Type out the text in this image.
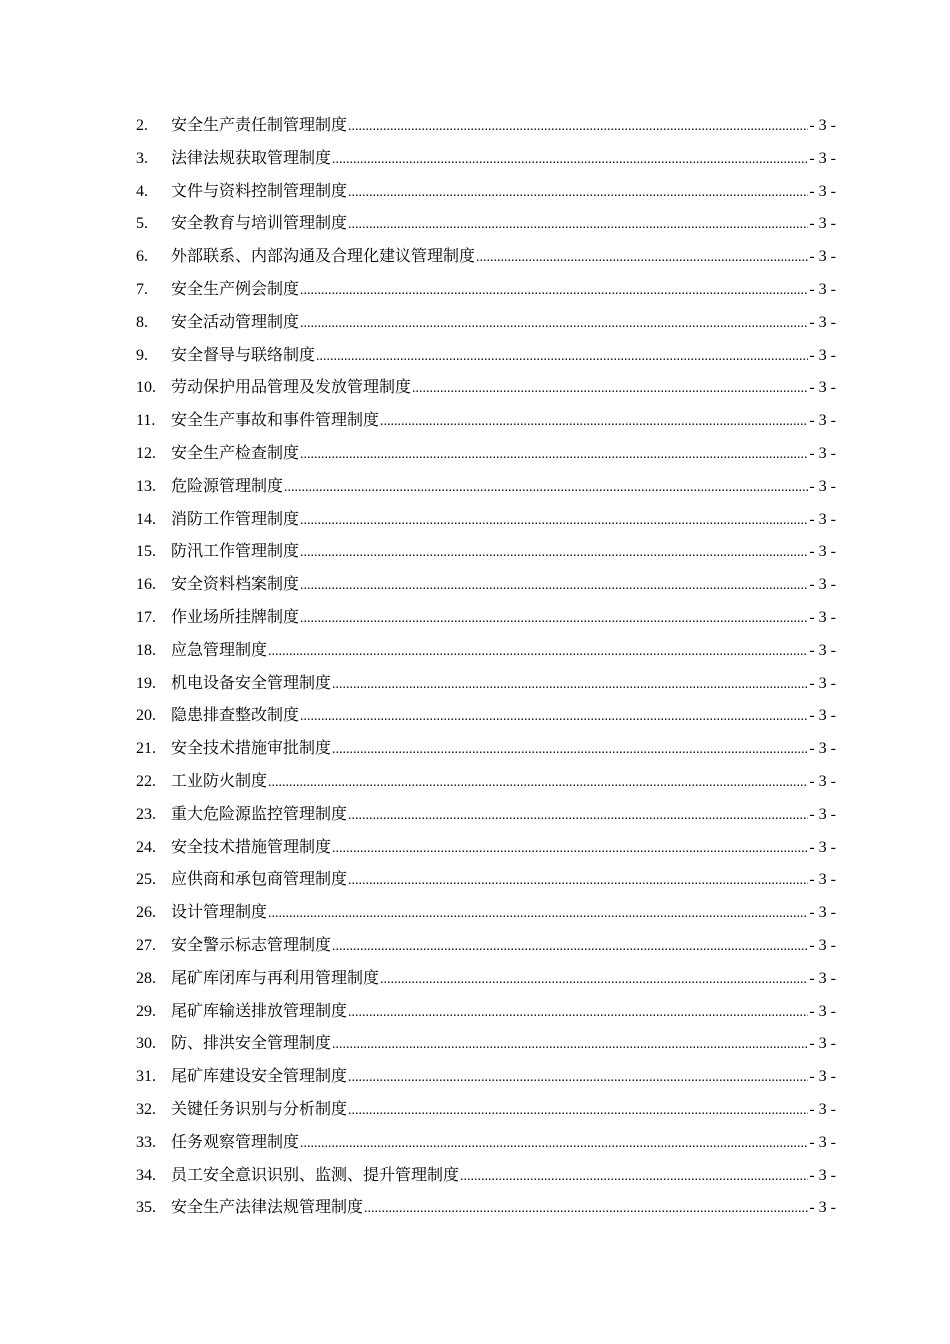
2.	安全生产责任制管理制度 .....	- 3 -
3.	法律法规获取管理制度 .....	- 3 -
4.	文件与资料控制管理制度 .....	- 3 -
5.	安全教育与培训管理制度 .....	- 3 -
6.	外部联系、内部沟通及合理化建议管理制度 .....	- 3 -
7.	安全生产例会制度 .....	- 3 -
8.	安全活动管理制度 .....	- 3 -
9.	安全督导与联络制度 .....	- 3 -
10. 劳动保护用品管理及发放管理制度 .....	- 3 -
11. 安全生产事故和事件管理制度 .....	- 3 -
12. 安全生产检查制度 .....	- 3 -
13. 危险源管理制度 .....	- 3 -
14. 消防工作管理制度 .....	- 3 -
15. 防汛工作管理制度 .....	- 3 -
16. 安全资料档案制度 .....	- 3 -
17. 作业场所挂牌制度 .....	- 3 -
18. 应急管理制度 .....	- 3 -
19. 机电设备安全管理制度 .....	- 3 -
20. 隐患排查整改制度 .....	- 3 -
21. 安全技术措施审批制度 .....	- 3 -
22. 工业防火制度 .....	- 3 -
23. 重大危险源监控管理制度 .....	- 3 -
24. 安全技术措施管理制度 .....	- 3 -
25. 应供商和承包商管理制度 .....	- 3 -
26. 设计管理制度 .....	- 3 -
27. 安全警示标志管理制度 .....	- 3 -
28. 尾矿库闭库与再利用管理制度 .....	- 3 -
29. 尾矿库输送排放管理制度 .....	- 3 -
30. 防、排洪安全管理制度 .....	- 3 -
31. 尾矿库建设安全管理制度 .....	- 3 -
32. 关键任务识别与分析制度 .....	- 3 -
33. 任务观察管理制度 .....	- 3 -
34. 员工安全意识识别、监测、提升管理制度 .....	- 3 -
35. 安全生产法律法规管理制度 .....	- 3 -
